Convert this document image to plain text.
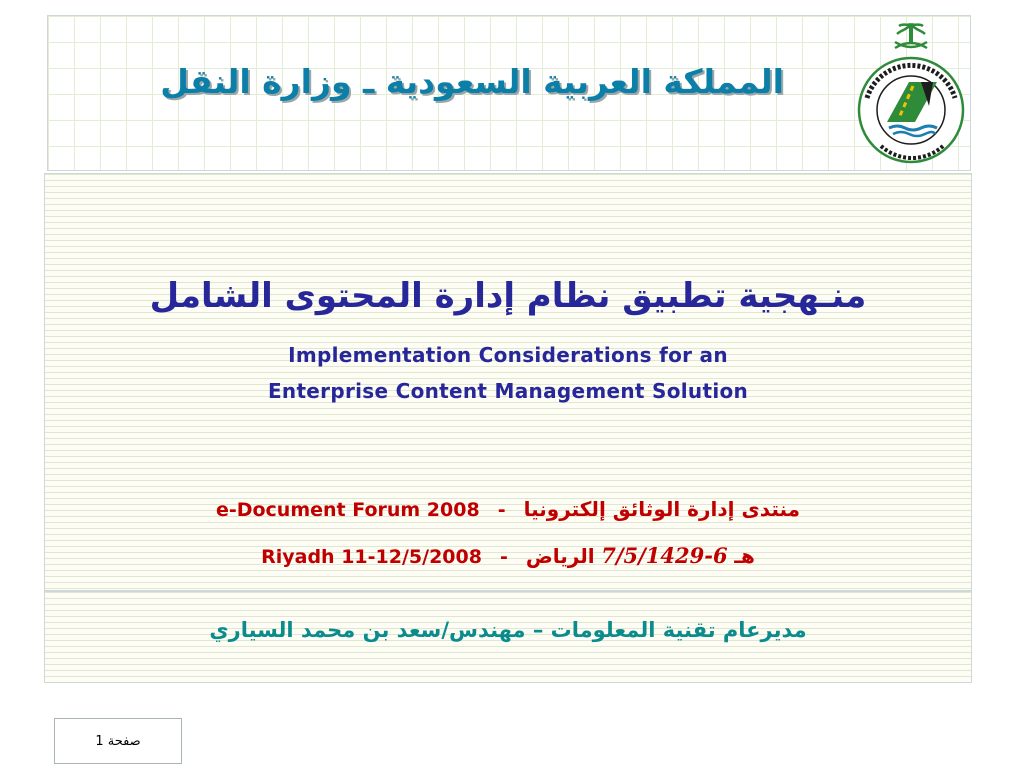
المملكة العربية السعودية ـ وزارة النقل
منـهجية تطبيق نظام إدارة المحتوى الشامل
Implementation Considerations for an
Enterprise Content Management Solution
e-Document Forum 2008 - منتدى إدارة الوثائق إلكترونيا
Riyadh 11-12/5/2008 -	هـ 6-7/5/1429 الرياض
مديرعام تقنية المعلومات – مهندس/سعد بن محمد السياري
صفحة 1
